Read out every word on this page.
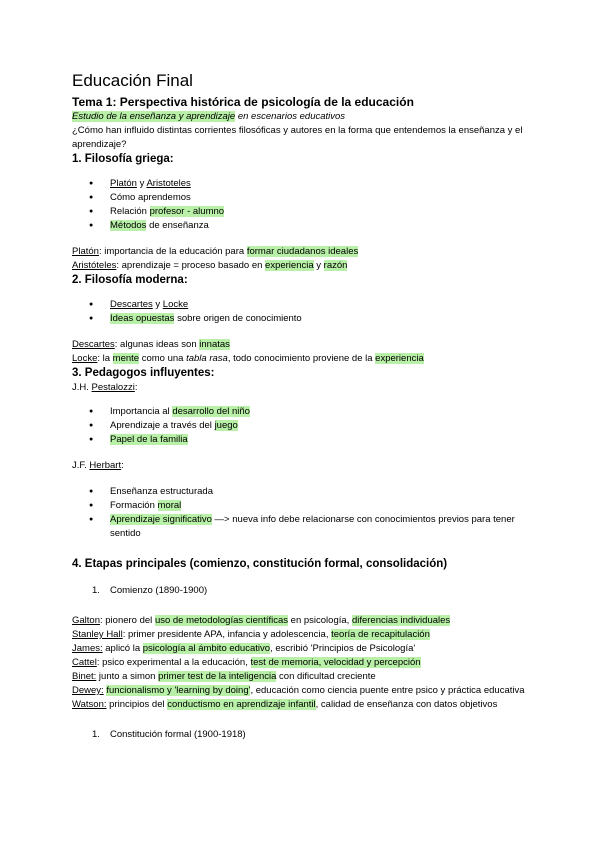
Educación Final

Tema 1: Perspectiva histórica de psicología de la educación

Estudio de la enseñanza y aprendizaje en escenarios educativos

¿Cómo han influido distintas corrientes filosóficas y autores en la forma que entendemos la enseñanza y el aprendizaje?

1. Filosofía griega:

● Platón y Aristoteles
● Cómo aprendemos
● Relación profesor - alumno
● Métodos de enseñanza

Platón: importancia de la educación para formar ciudadanos ideales

Aristóteles: aprendizaje = proceso basado en experiencia y razón

2. Filosofía moderna:

● Descartes y Locke
● Ideas opuestas sobre origen de conocimiento

Descartes: algunas ideas son innatas

Locke: la mente como una tabla rasa, todo conocimiento proviene de la experiencia

3. Pedagogos influyentes:

J.H. Pestalozzi:

● Importancia al desarrollo del niño
● Aprendizaje a través del juego
● Papel de la familia

J.F. Herbart:

● Enseñanza estructurada
● Formación moral
● Aprendizaje significativo —> nueva info debe relacionarse con conocimientos previos para tener sentido

4. Etapas principales (comienzo, constitución formal, consolidación)

1. Comienzo (1890-1900)

Galton: pionero del uso de metodologías científicas en psicología, diferencias individuales

Stanley Hall: primer presidente APA, infancia y adolescencia, teoría de recapitulación

James: aplicó la psicología al ámbito educativo, escribió 'Principios de Psicología'

Cattel: psico experimental a la educación, test de memoria, velocidad y percepción

Binet: junto a simon primer test de la inteligencia con dificultad creciente

Dewey: funcionalismo y 'learning by doing', educación como ciencia puente entre psico y práctica educativa

Watson: principios del conductismo en aprendizaje infantil, calidad de enseñanza con datos objetivos

1. Constitución formal (1900-1918)
